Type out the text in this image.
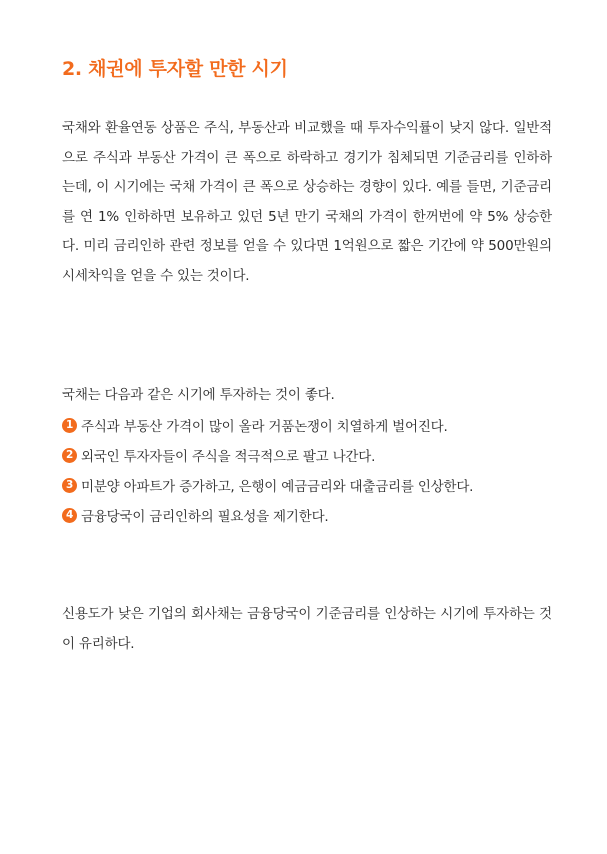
2. 채권에 투자할 만한 시기

국채와 환율연동 상품은 주식, 부동산과 비교했을 때 투자수익률이 낮지 않다. 일반적으로 주식과 부동산 가격이 큰 폭으로 하락하고 경기가 침체되면 기준금리를 인하하는데, 이 시기에는 국채 가격이 큰 폭으로 상승하는 경향이 있다. 예를 들면, 기준금리를 연 1% 인하하면 보유하고 있던 5년 만기 국채의 가격이 한꺼번에 약 5% 상승한다. 미리 금리인하 관련 정보를 얻을 수 있다면 1억원으로 짧은 기간에 약 500만원의 시세차익을 얻을 수 있는 것이다.

국채는 다음과 같은 시기에 투자하는 것이 좋다.

1 주식과 부동산 가격이 많이 올라 거품논쟁이 치열하게 벌어진다.
2 외국인 투자자들이 주식을 적극적으로 팔고 나간다.
3 미분양 아파트가 증가하고, 은행이 예금금리와 대출금리를 인상한다.
4 금융당국이 금리인하의 필요성을 제기한다.

신용도가 낮은 기업의 회사채는 금융당국이 기준금리를 인상하는 시기에 투자하는 것이 유리하다.
